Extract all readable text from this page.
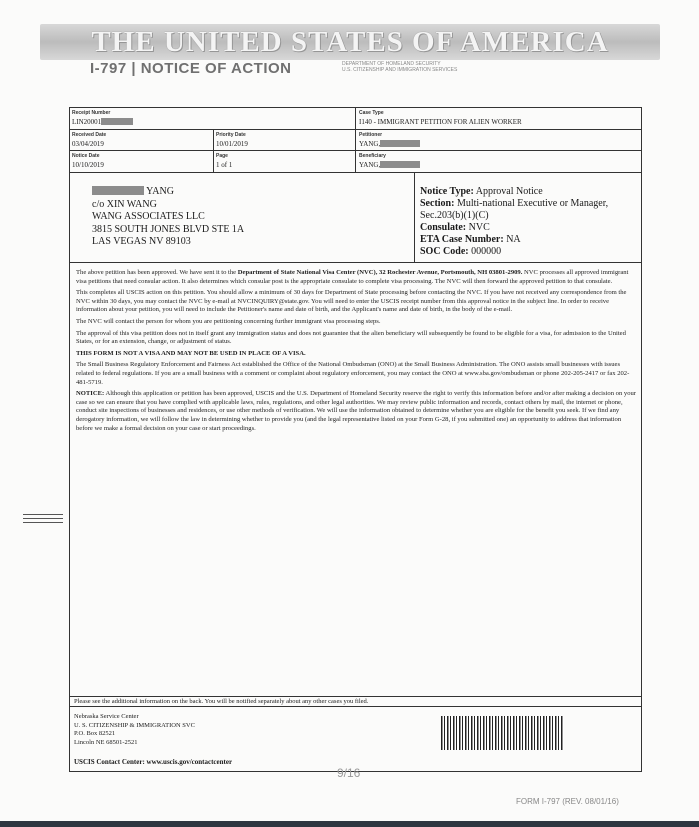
THE UNITED STATES OF AMERICA
I-797 | NOTICE OF ACTION	DEPARTMENT OF HOMELAND SECURITY
U.S. CITIZENSHIP AND IMMIGRATION SERVICES
Receipt Number
LIN20001
Case Type
I140 - IMMIGRANT PETITION FOR ALIEN WORKER
Received Date
03/04/2019
Priority Date
10/01/2019
Petitioner
YANG,
Notice Date
10/10/2019
Page
1 of 1
Beneficiary
YANG,
YANG
c/o XIN WANG
WANG ASSOCIATES LLC
3815 SOUTH JONES BLVD STE 1A
LAS VEGAS NV 89103
Notice Type: Approval Notice
Section: Multi-national Executive or Manager, Sec.203(b)(1)(C)
Consulate: NVC
ETA Case Number: NA
SOC Code: 000000

The above petition has been approved. We have sent it to the Department of State National Visa Center (NVC), 32 Rochester Avenue, Portsmouth, NH 03801-2909. NVC processes all approved immigrant visa petitions that need consular action. It also determines which consular post is the appropriate consulate to complete visa processing. The NVC will then forward the approved petition to that consulate.

This completes all USCIS action on this petition. You should allow a minimum of 30 days for Department of State processing before contacting the NVC. If you have not received any correspondence from the NVC within 30 days, you may contact the NVC by e-mail at NVCINQUIRY@state.gov. You will need to enter the USCIS receipt number from this approval notice in the subject line. In order to receive information about your petition, you will need to include the Petitioner's name and date of birth, and the Applicant's name and date of birth, in the body of the e-mail.

The NVC will contact the person for whom you are petitioning concerning further immigrant visa processing steps.

The approval of this visa petition does not in itself grant any immigration status and does not guarantee that the alien beneficiary will subsequently be found to be eligible for a visa, for admission to the United States, or for an extension, change, or adjustment of status.

THIS FORM IS NOT A VISA AND MAY NOT BE USED IN PLACE OF A VISA.

The Small Business Regulatory Enforcement and Fairness Act established the Office of the National Ombudsman (ONO) at the Small Business Administration. The ONO assists small businesses with issues related to federal regulations. If you are a small business with a comment or complaint about regulatory enforcement, you may contact the ONO at www.sba.gov/ombudsman or phone 202-205-2417 or fax 202-481-5719.

NOTICE: Although this application or petition has been approved, USCIS and the U.S. Department of Homeland Security reserve the right to verify this information before and/or after making a decision on your case so we can ensure that you have complied with applicable laws, rules, regulations, and other legal authorities. We may review public information and records, contact others by mail, the internet or phone, conduct site inspections of businesses and residences, or use other methods of verification. We will use the information obtained to determine whether you are eligible for the benefit you seek. If we find any derogatory information, we will follow the law in determining whether to provide you (and the legal representative listed on your Form G-28, if you submitted one) an opportunity to address that information before we make a formal decision on your case or start proceedings.

Please see the additional information on the back. You will be notified separately about any other cases you filed.
Nebraska Service Center
U. S. CITIZENSHIP & IMMIGRATION SVC
P.O. Box 82521
Lincoln NE 68501-2521
USCIS Contact Center: www.uscis.gov/contactcenter
9/16
FORM I-797 (REV. 08/01/16)
